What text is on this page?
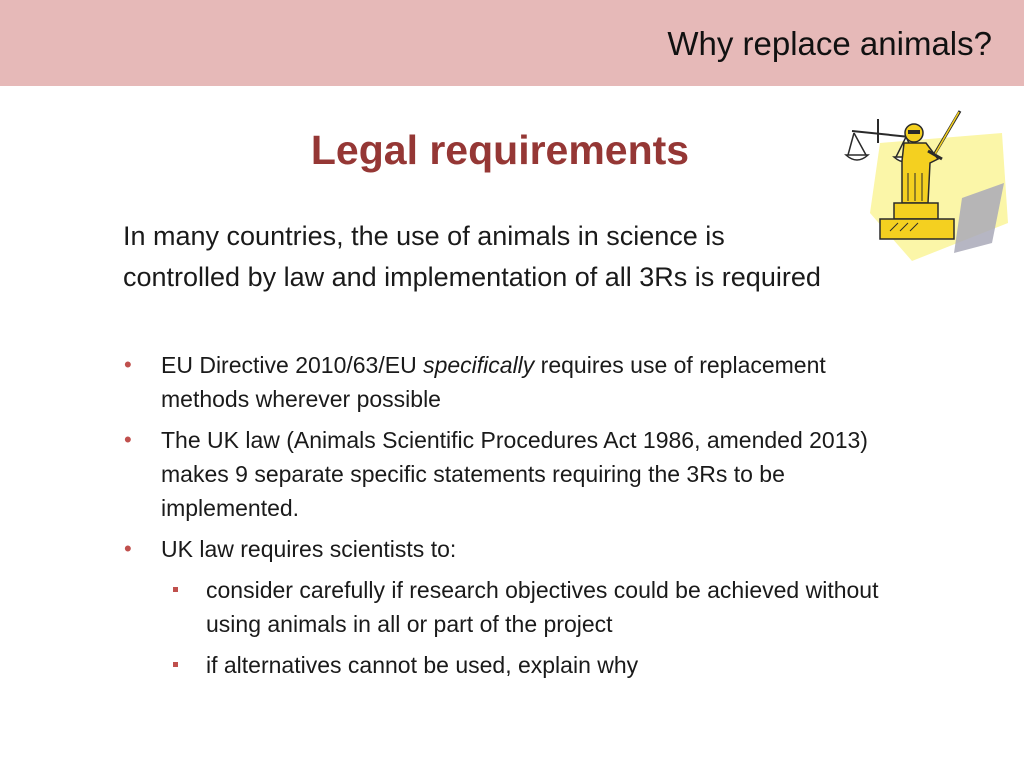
Why replace animals?
Legal requirements

In many countries, the use of animals in science is controlled by law and implementation of all 3Rs is required

• EU Directive 2010/63/EU specifically requires use of replacement methods wherever possible
• The UK law (Animals Scientific Procedures Act 1986, amended 2013) makes 9 separate specific statements requiring the 3Rs to be implemented.
• UK law requires scientists to:
consider carefully if research objectives could be achieved without using animals in all or part of the project
if alternatives cannot be used, explain why
